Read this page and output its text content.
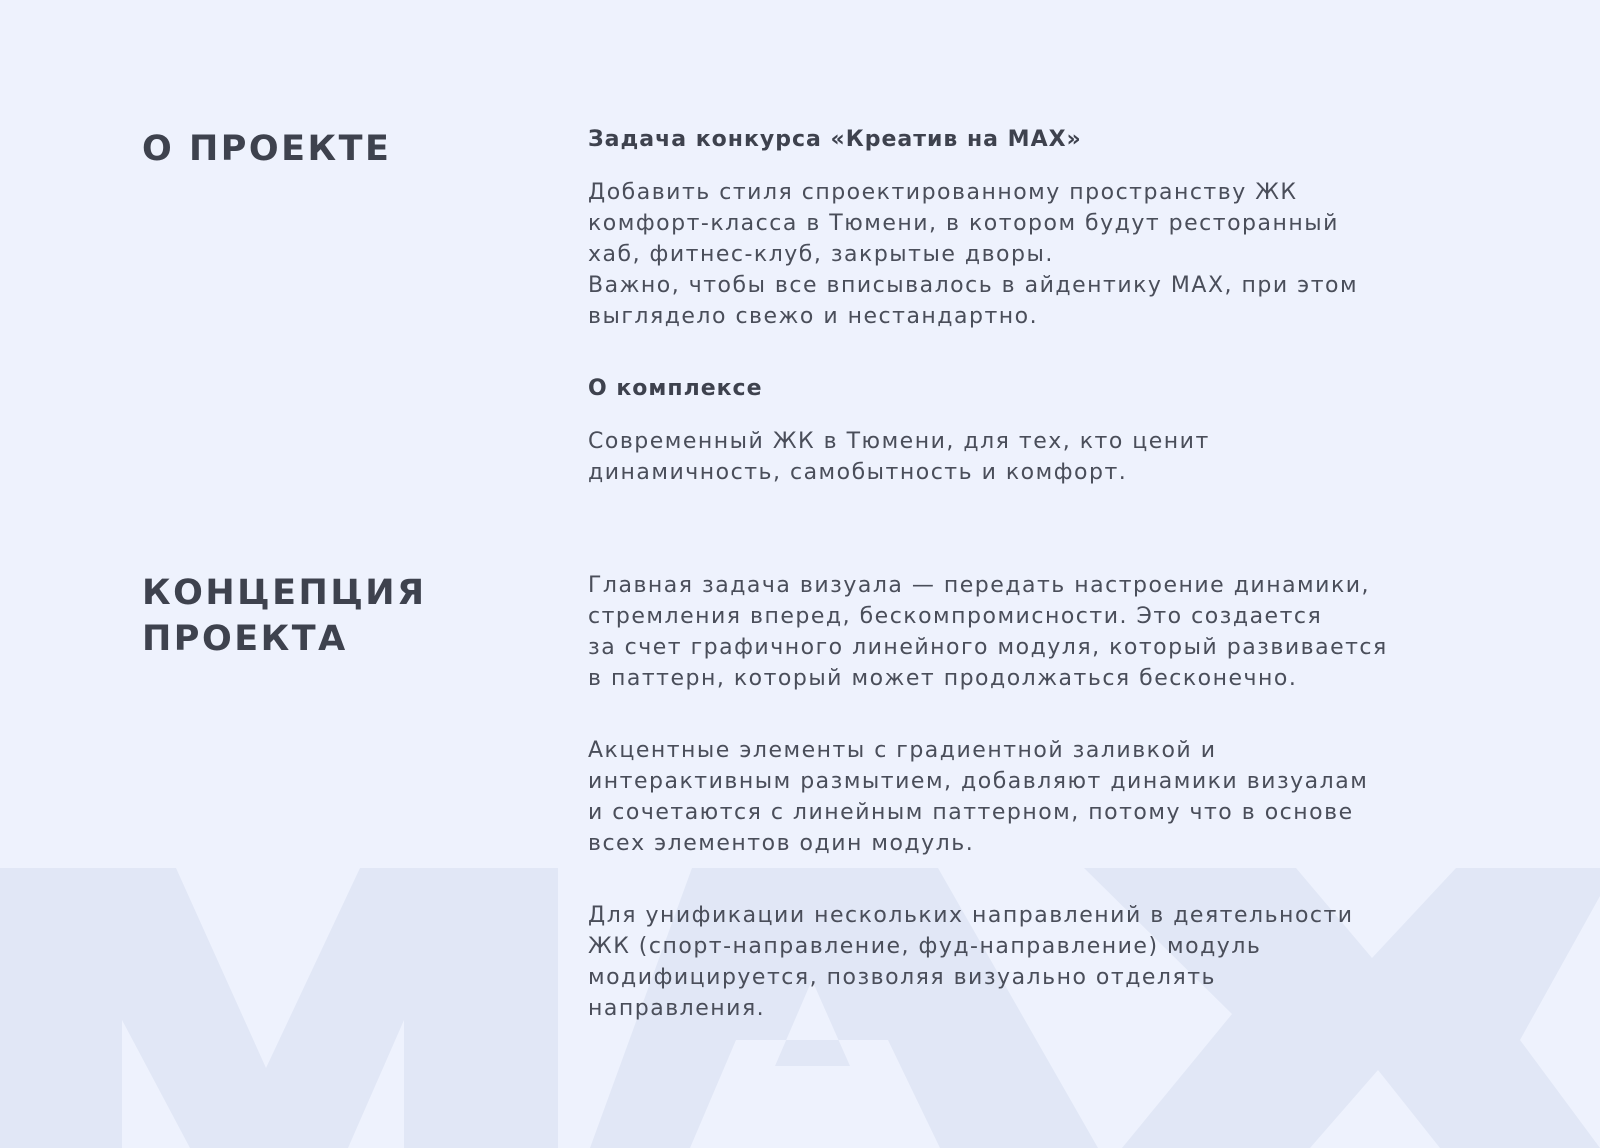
О ПРОЕКТЕ	Задача конкурса «Креатив на MAX»

Добавить стиля спроектированному пространству ЖК
комфорт-класса в Тюмени, в котором будут ресторанный
хаб, фитнес-клуб, закрытые дворы.
Важно, чтобы все вписывалось в айдентику МАХ, при этом
выглядело свежо и нестандартно.

О комплексе

Современный ЖК в Тюмени, для тех, кто ценит
динамичность, самобытность и комфорт.

КОНЦЕПЦИЯ
ПРОЕКТА

Главная задача визуала — передать настроение динамики,
стремления вперед, бескомпромисности. Это создается
за счет графичного линейного модуля, который развивается
в паттерн, который может продолжаться бесконечно.

Акцентные элементы с градиентной заливкой и
интерактивным размытием, добавляют динамики визуалам
и сочетаются с линейным паттерном, потому что в основе
всех элементов один модуль.

Для унификации нескольких направлений в деятельности
ЖК (спорт-направление, фуд-направление) модуль
модифицируется, позволяя визуально отделять
направления.
